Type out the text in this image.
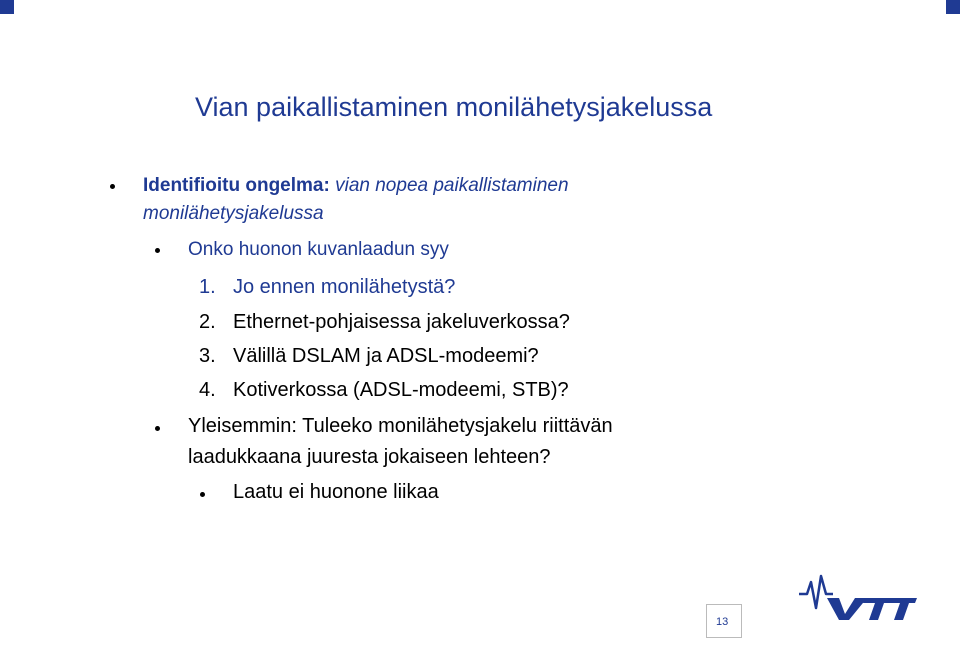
Vian paikallistaminen monilähetysjakelussa
Identifioitu ongelma: vian nopea paikallistaminen
monilähetysjakelussa
Onko huonon kuvanlaadun syy
1. Jo ennen monilähetystä?
2. Ethernet-pohjaisessa jakeluverkossa?
3. Välillä DSLAM ja ADSL-modeemi?
4. Kotiverkossa (ADSL-modeemi, STB)?
Yleisemmin: Tuleeko monilähetysjakelu riittävän
laadukkaana juuresta jokaiseen lehteen?
Laatu ei huonone liikaa
13
